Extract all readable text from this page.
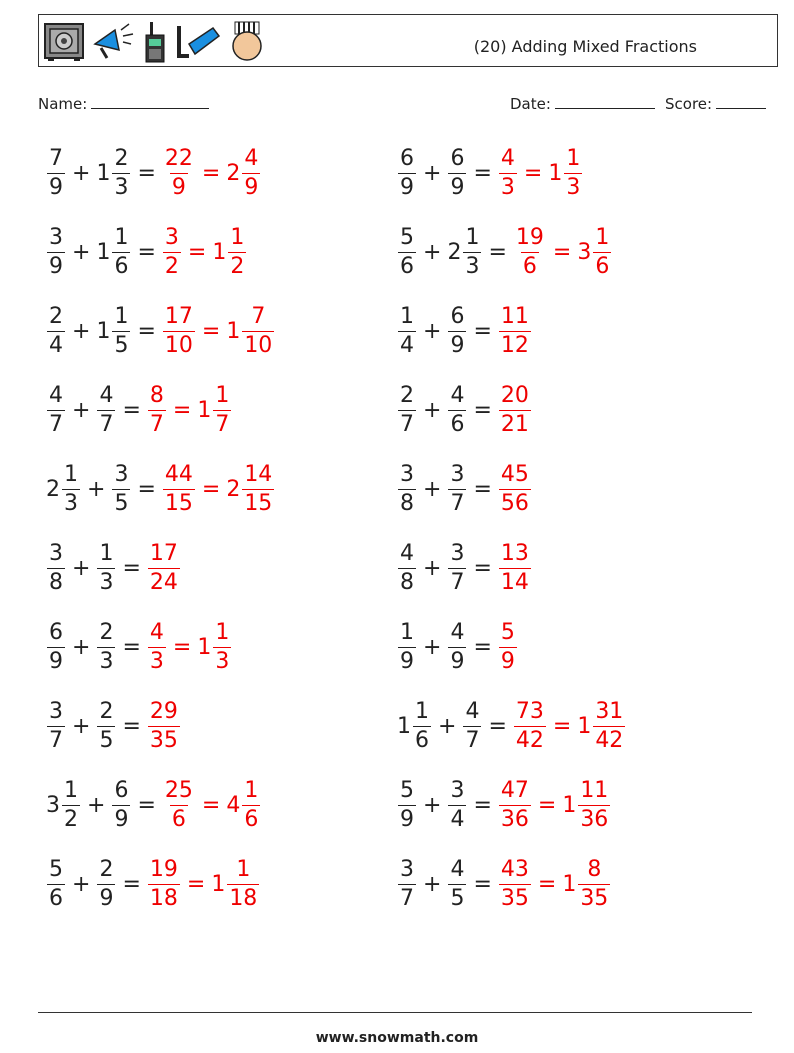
(20) Adding Mixed Fractions
Name:	Date:	Score:
$\frac{7}{9} + 1 \frac{2}{3} = \frac{22}{9} = 2 \frac{4}{9}$	$\frac{6}{9} + \frac{6}{9} = \frac{4}{3} = 1 \frac{1}{3}$
$\frac{3}{9} + 1 \frac{1}{6} = \frac{3}{2} = 1 \frac{1}{2}$	$\frac{5}{6} + 2 \frac{1}{3} = \frac{19}{6} = 3 \frac{1}{6}$
$\frac{2}{4} + 1 \frac{1}{5} = \frac{17}{10} = 1 \frac{7}{10}$	$\frac{1}{4} + \frac{6}{9} = \frac{11}{12}$
$\frac{4}{7} + \frac{4}{7} = \frac{8}{7} = 1 \frac{1}{7}$	$\frac{2}{7} + \frac{4}{6} = \frac{20}{21}$
$2 \frac{1}{3} + \frac{3}{5} = \frac{44}{15} = 2 \frac{14}{15}$	$\frac{3}{8} + \frac{3}{7} = \frac{45}{56}$
$\frac{3}{8} + \frac{1}{3} = \frac{17}{24}$	$\frac{4}{8} + \frac{3}{7} = \frac{13}{14}$
$\frac{6}{9} + \frac{2}{3} = \frac{4}{3} = 1 \frac{1}{3}$	$\frac{1}{9} + \frac{4}{9} = \frac{5}{9}$
$\frac{3}{7} + \frac{2}{5} = \frac{29}{35}$	$1 \frac{1}{6} + \frac{4}{7} = \frac{73}{42} = 1 \frac{31}{42}$
$3 \frac{1}{2} + \frac{6}{9} = \frac{25}{6} = 4 \frac{1}{6}$	$\frac{5}{9} + \frac{3}{4} = \frac{47}{36} = 1 \frac{11}{36}$
$\frac{5}{6} + \frac{2}{9} = \frac{19}{18} = 1 \frac{1}{18}$	$\frac{3}{7} + \frac{4}{5} = \frac{43}{35} = 1 \frac{8}{35}$
www.snowmath.com
